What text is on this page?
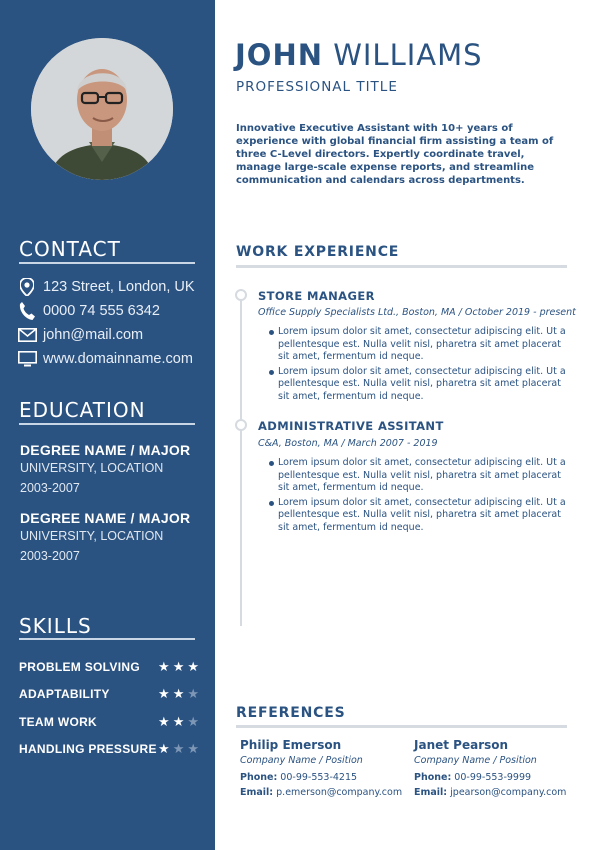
CONTACT
123 Street, London, UK
0000 74 555 6342
john@mail.com
www.domainname.com
EDUCATION
DEGREE NAME / MAJOR
UNIVERSITY, LOCATION
2003-2007
DEGREE NAME / MAJOR
UNIVERSITY, LOCATION
2003-2007
SKILLS
PROBLEM SOLVING ★ ★ ★
ADAPTABILITY	★ ★ ★
TEAM WORK	★ ★ ★
HANDLING PRESSURE ★ ★ ★
JOHN WILLIAMS
PROFESSIONAL TITLE
Innovative Executive Assistant with 10+ years of experience with global financial firm assisting a team of three C-Level directors. Expertly coordinate travel, manage large-scale expense reports, and streamline communication and calendars across departments.
WORK EXPERIENCE
STORE MANAGER
Office Supply Specialists Ltd., Boston, MA / October 2019 - present
Lorem ipsum dolor sit amet, consectetur adipiscing elit. Ut a pellentesque est. Nulla velit nisl, pharetra sit amet placerat sit amet, fermentum id neque.
Lorem ipsum dolor sit amet, consectetur adipiscing elit. Ut a pellentesque est. Nulla velit nisl, pharetra sit amet placerat sit amet, fermentum id neque.
ADMINISTRATIVE ASSITANT
C&A, Boston, MA / March 2007 - 2019
Lorem ipsum dolor sit amet, consectetur adipiscing elit. Ut a pellentesque est. Nulla velit nisl, pharetra sit amet placerat sit amet, fermentum id neque.
Lorem ipsum dolor sit amet, consectetur adipiscing elit. Ut a pellentesque est. Nulla velit nisl, pharetra sit amet placerat sit amet, fermentum id neque.
REFERENCES
Philip Emerson
Company Name / Position
Phone: 00-99-553-4215
Email: p.emerson@company.com
Janet Pearson
Company Name / Position
Phone: 00-99-553-9999
Email: jpearson@company.com
